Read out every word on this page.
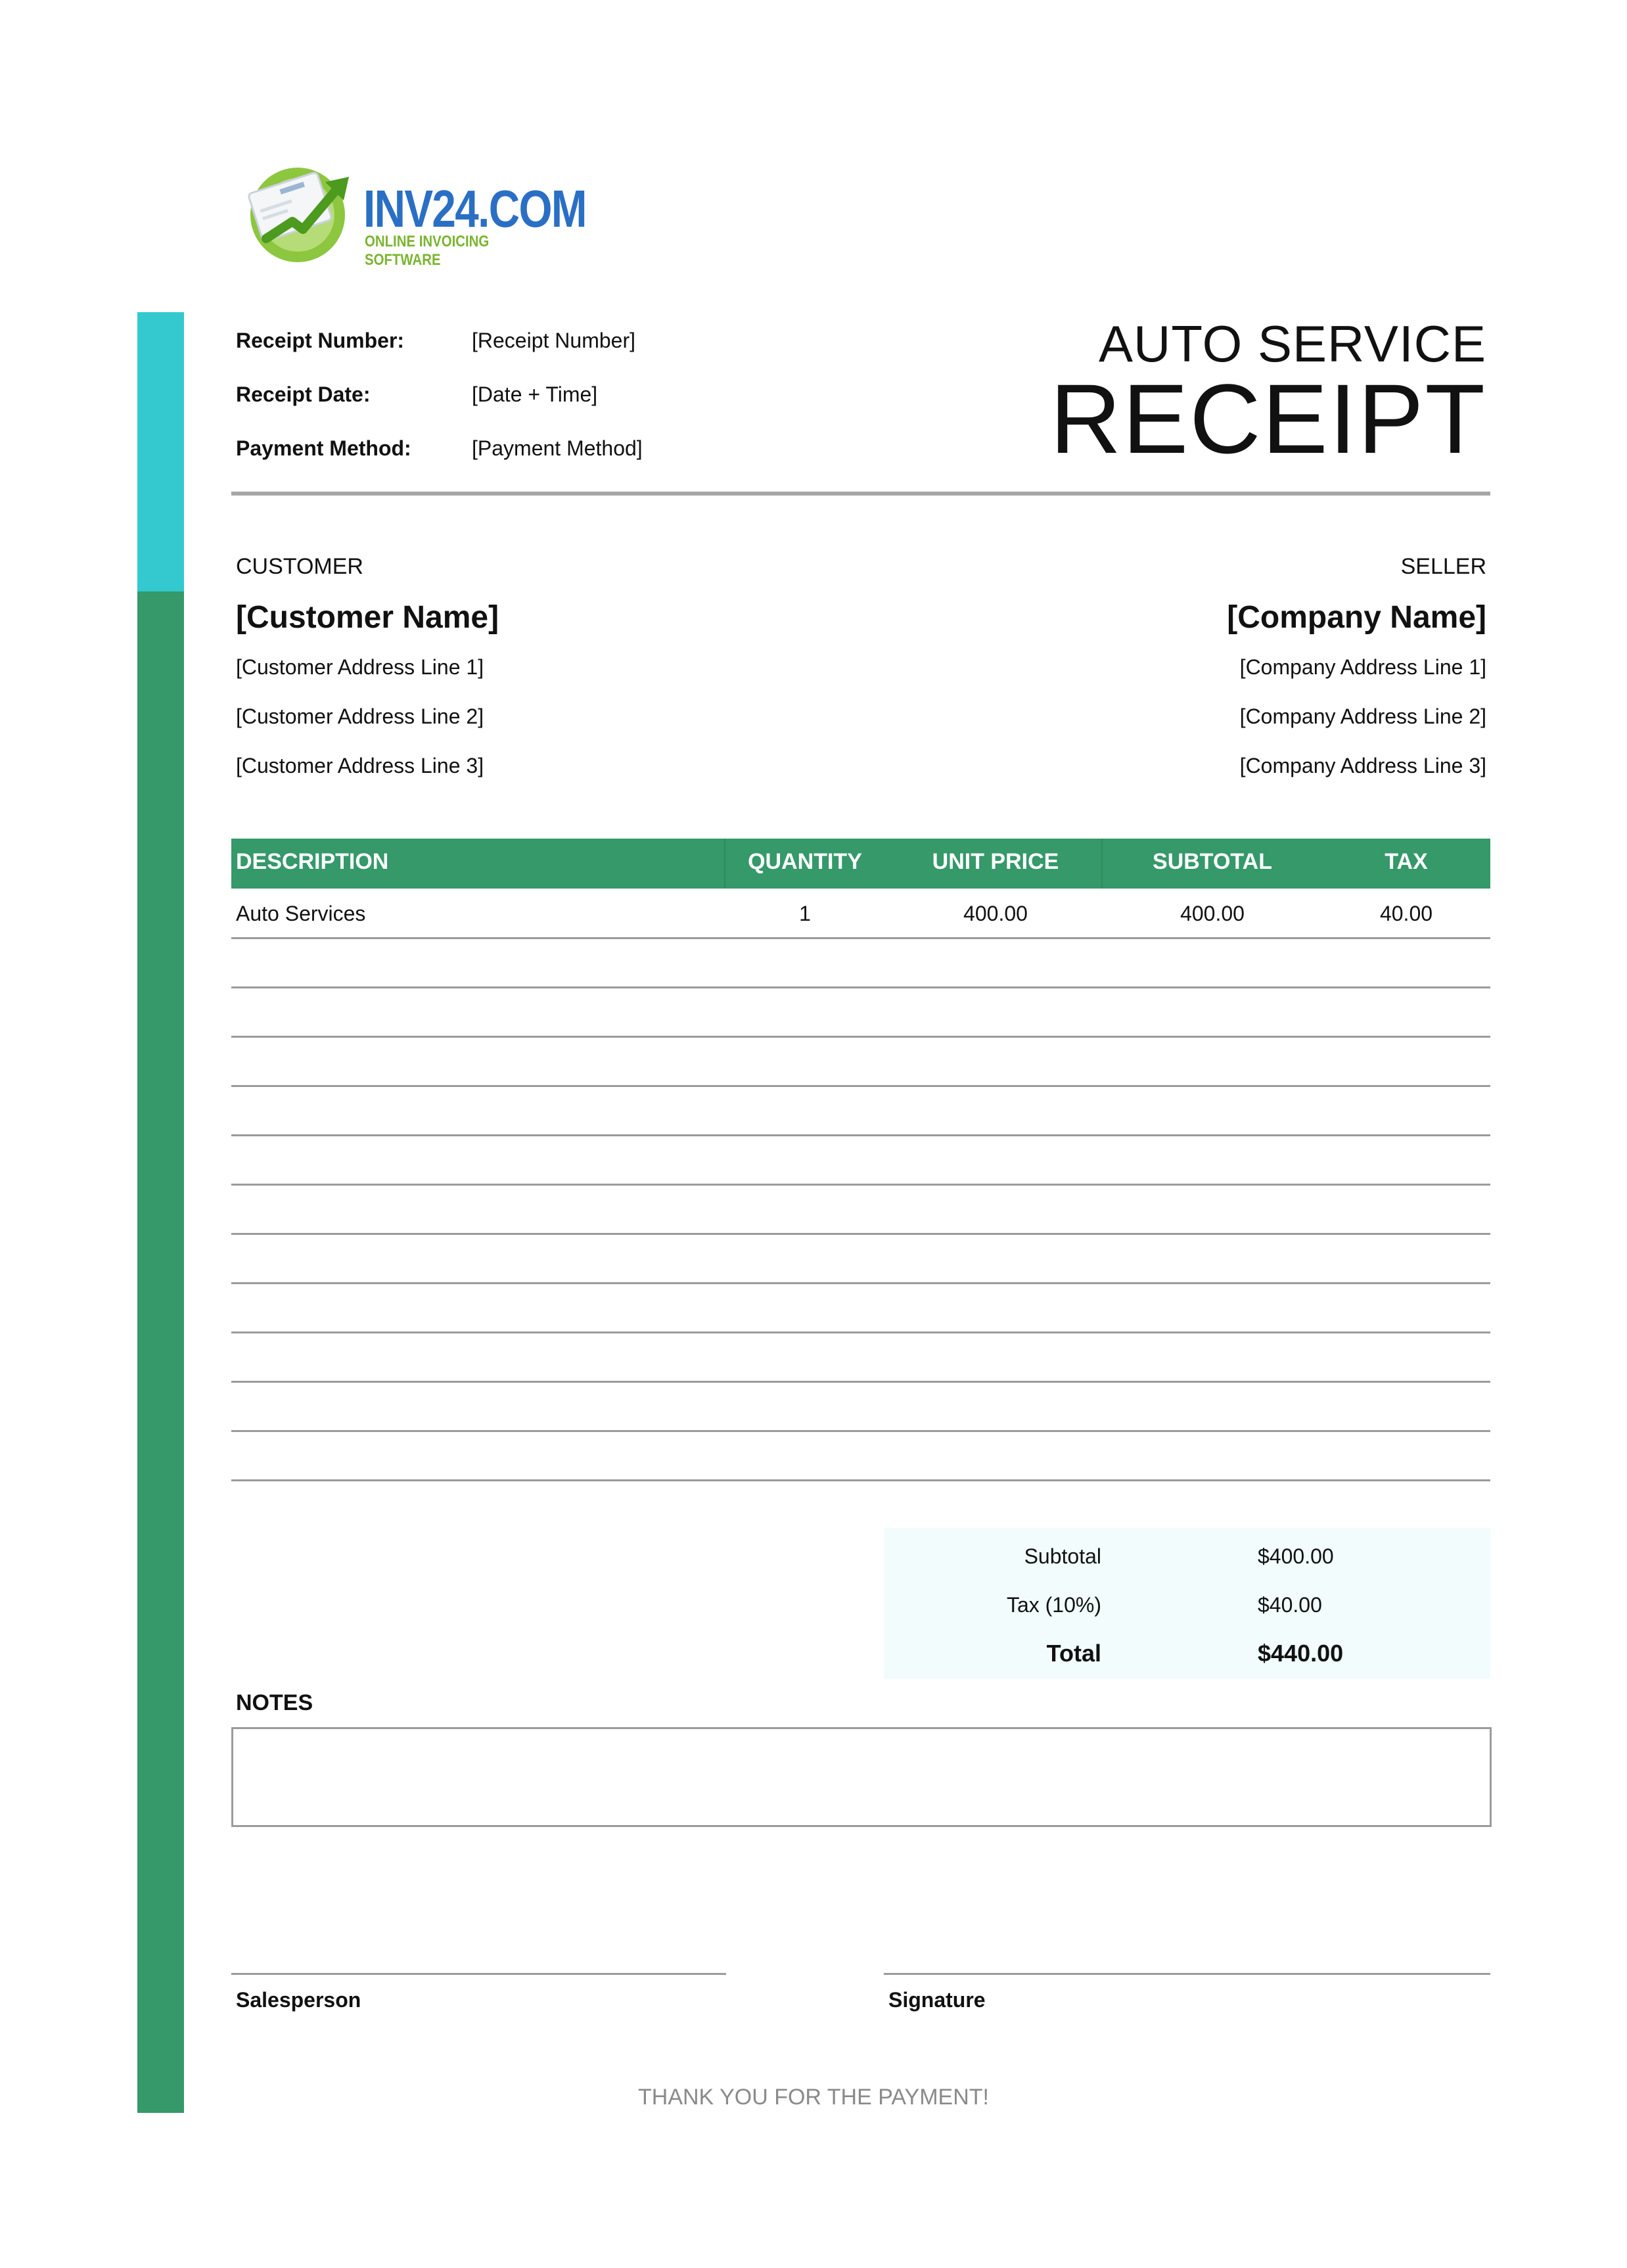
INV24.COM
ONLINE INVOICING SOFTWARE
Receipt Number:	[Receipt Number]
Receipt Date:	[Date + Time]
Payment Method:	[Payment Method]
AUTO SERVICE
RECEIPT
CUSTOMER
[Customer Name]
[Customer Address Line 1]
[Customer Address Line 2]
[Customer Address Line 3]
SELLER
[Company Name]
[Company Address Line 1]
[Company Address Line 2]
[Company Address Line 3]
DESCRIPTION	QUANTITY	UNIT PRICE	SUBTOTAL	TAX
Auto Services	1	400.00	400.00	40.00
Subtotal	$400.00
Tax (10%)	$40.00
Total	$440.00
NOTES
Salesperson	Signature
THANK YOU FOR THE PAYMENT!
